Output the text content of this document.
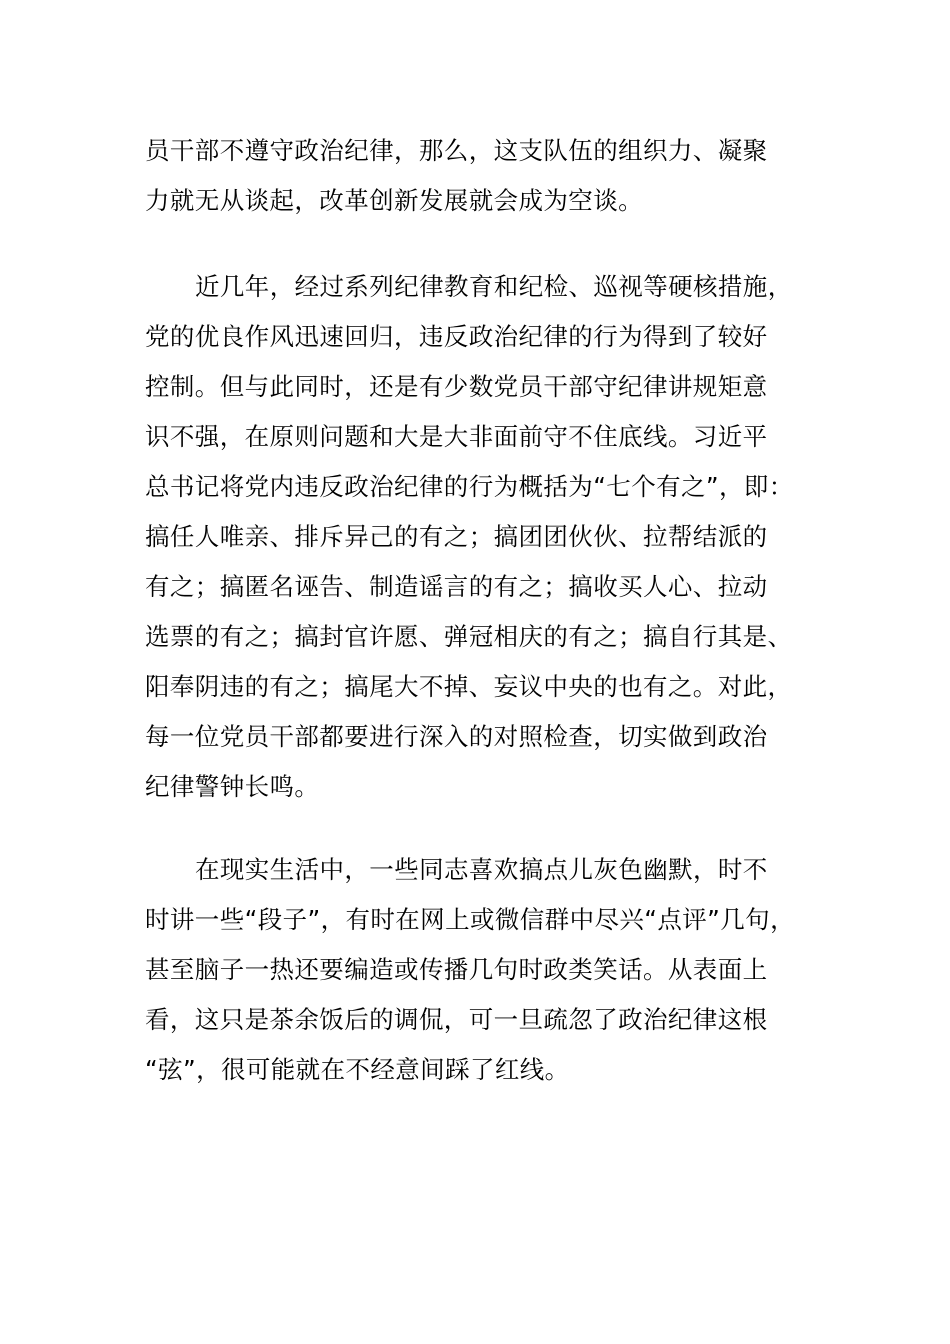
员干部不遵守政治纪律，那么，这支队伍的组织力、凝聚
力就无从谈起，改革创新发展就会成为空谈。
近几年，经过系列纪律教育和纪检、巡视等硬核措施，
党的优良作风迅速回归，违反政治纪律的行为得到了较好
控制。但与此同时，还是有少数党员干部守纪律讲规矩意
识不强，在原则问题和大是大非面前守不住底线。习近平
总书记将党内违反政治纪律的行为概括为“七个有之”，即：
搞任人唯亲、排斥异己的有之；搞团团伙伙、拉帮结派的
有之；搞匿名诬告、制造谣言的有之；搞收买人心、拉动
选票的有之；搞封官许愿、弹冠相庆的有之；搞自行其是、
阳奉阴违的有之；搞尾大不掉、妄议中央的也有之。对此，
每一位党员干部都要进行深入的对照检查，切实做到政治
纪律警钟长鸣。
在现实生活中，一些同志喜欢搞点儿灰色幽默，时不
时讲一些“段子”，有时在网上或微信群中尽兴“点评”几句，
甚至脑子一热还要编造或传播几句时政类笑话。从表面上
看，这只是茶余饭后的调侃，可一旦疏忽了政治纪律这根
“弦”，很可能就在不经意间踩了红线。
